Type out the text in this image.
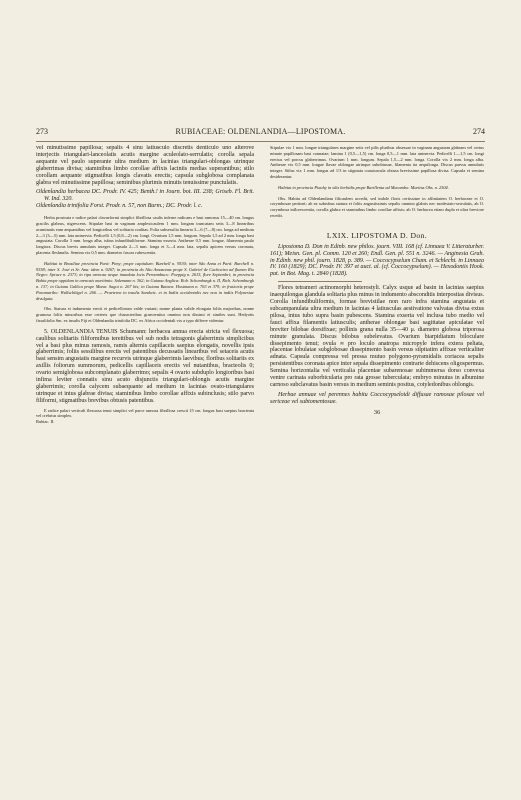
273	RUBIACEAE: OLDENLANDIA—LIPOSTOMA.	274

vel minutissime papillosa; sepalis 4 sinu latiusculo discretis denticulo uno alterove interjectis triangulari-lanceolatis acutis margine aculeolato-serrulatis; corolla sepala aequante vel paulo superante ultra medium in lacinias triangulari-oblongas utrinque glaberrimas divisa; staminibus limbo corollae affixis laciniis medias superantibus; stilo corollam aequante stigmatibus longis clavatis erectis; capsula subglobosa complanata glabra vel minutissime papillosa; seminibus plurimis minutis tenuissime punctulatis.

Oldenlandia herbacea DC. Prodr. IV. 425; Benth.! in Journ. bot. III. 238; Griseb. Fl. Brit. W. Ind. 320.

Oldenlandia trinifolia Forst. Prodr. n. 57, non Burm.; DC. Prodr. l. c.

Herba prostrata e radice palari clavaeformi simplici fibrillosa caulis inferne radicans e basi ramosus 15—40 cm. longus gracilis glabrus, nigrescens. Stipulae basi in vaginam amplexicaulem 1 mm. longam truncatam setis 3—8 linearibus acuminatis eam aequantibus vel longioribus vel solitaria coalitas. Folia subsessilia linearia 3—6 (7—8) cm. longa ad medium 2—3 (3—5) mm. lata uninervia. Pedicelli 1,5 (0,8—2) cm. longi. Ovarium 1,5 mm. longum. Sepala 1,5 ad 2 mm. longa basi angustata. Corolla 3 mm. longa alba, tubus infundibuliforme. Stamina exserta. Antherae 0,5 mm. longae, filamenta paulo longiora. Discus brevis annularis integer. Capsula 2—3 mm. longa et 3—4 mm. lata, sepalis apicem versus coronata, placenta fleshnulis. Semina vix 0,5 mm. diametro fuscas rubescentia.

Habitat in Brasiliae provincia Pará: Pimy; prope capitulum: Burchell n. 9530; inter São Anna et Pará: Burchell n. 9358; inter S. José et Sr. Ana: idem n. 9267; in provincia do Alto Amazonas prope S. Gabriel de Cachoeira ad flumen Rio Negro: Spruce n. 2373; in ripa arenosa neque inundata locis Pernambuco: Poeppig n. 2615, flore Septembri; in provincia Bahia prope oppidum in arenosis maritimis: Salzmann n. 362; in Guiana Anglica: Rob. Schomburgk n. II, Rich. Schomburgk n. 137; in Guiana Gallica prope Mana: Sagot n. 267 bis; in Guiana Batava: Hostmann n. 763 et 379; in fruticetis prope Paramaribo: Wullschlägel n. 266. — Praeterea in insulis Sandwic. et in Indiis occidentalis nec non in indiis Polynesiae divulgata.

Obs. Statura et indumento erecti et pedicellorum valde variant; nonne planta valide elongata foliis majoribus, nonne grumosa foliis minoribus esse certeris que characteribus graecernitur omnino non dissimi ei similes sunt. Hedyotis fissulifolia Sm. ex insulis Fiji et Oldenlandia trinifolia DC. ex Africa occidentali vix a typo differre videntur.

5. OLDENLANDIA TENUIS Schumann: herbacea annua erecta stricta vel flexuosa; caulibus solitariis filiformibus tereitibus vel sub nodis tetragonis glaberrimis simplicibus vel a basi plus minus ramosis, ramis alternis capillaceis saepius elongatis, novellis ipsis glaberrimis; foliis sessilibus erectis vel patentibus decussatis linearibus vel setaceis acutis basi sensim angustatis margine recurvis utrinque glaberrimis laevibus; floribus solitariis ex axillis foliorum summorum, pedicellis capillaceis erectis vel nutantibus, bracteolis 0; ovario semiglobosa subcomplanato glaberrimo; sepalis 4 ovario subduplo longioribus basi infima leviter connatis sinu acuto disjunctis triangulari-oblongis acutis margine glaberrimis; corolla calycem subaequante ad medium in lacinias ovato-triangulares utrinque et intus glabrae divisa; staminibus limbo corollae affixis subinclusis; stilo parvo filiformi, stigmatibus brevibus obtusis patentibus.

E radice palari verticali flexuosa tenui simplici vel parce ramosa fibrillosa crescit 15 cm. longus basi saepius bracteata vel crebrius simplex.

Rubiac. II.

Stipulae vix 1 mm. longae triangulares margine setis vel pilis pluribus obsessae in vaginam angustam glabram vel certus minute papillosam basi connatae; lamina 1 (0,5—1,5) cm. longa 0,5—1 mm. lata uninervia. Pedicelli 1—1,5 cm. longi erectus vel porcus glaberrimus. Ovarium 1 mm. longum. Sepala 1,5—2 mm. longa. Corolla vix 2 mm. longa alba. Antherae vix 0,5 mm. longae flavae oblongae utrinque subobtusae, filamenta ita aequilonga. Discus parvus annularis integer. Stilus vix 1 mm. longus ad 1/3 in stigmata crassiuscula obtusa brevissime papillosa divisa. Capsula et semina desiderantur.

Habitat in provincia Piauhy in silis herbidis prope Barillenta ad Macambo: Martius Obs. n. 2504.

Obs. Habitu ad Oldenlandiam filicaulem accedit, sed indole floris certissime in affinitatem O. herbaceae et O. corymbosae pertinet; ab ea subrubus statura et foliis angustissimis sepalis omnino glabris nec modestato-serrulatis, ab O. corymbosa inflorescentia, corolla glabra et staminibus limbo corollae affixis; ab O. herbacea etiam dupla et ultra breviore recedit.

LXIX. LIPOSTOMA D. Don.

Lipostoma D. Don in Edinb. new philos. journ. VIII. 168 (cf. Linnaea V. Litteraturber. 161); Meisn. Gen. pl. Comm. 120 et 260; Endl. Gen. pl. 551 n. 3246. — Anginesia Grah. in Edinb. new phil. journ. 1828, p. 389. — Coccocypselum Cham. et Schlecht. in Linnaea IV. 160 (1829); DC. Prodr. IV. 397 et auct. al. (cf. Coccocypselum). — Hexodontis Hook. pat. in Bot. Mag. t. 2840 (1828).

Flores tetrameri actinomorphi heterostyli. Calyx usque ad basin in lacinias saepius inaequilongas glandula solitaria plus minus in indumento absconditis interpositas divisus. Corolla infundibuliformis, formae brevistilae non raro infra stamina angustata et subcampanulata ultra medium in lacinias 4 latiusculas aestivatione valvatas divisa extus pilosa, intus tubo supra basin pubescens. Stamina exserta vel inclusa tubo medio vel fauci affixa filamentis latiusculis; antherae oblongae basi sagittatae apiculatae vel breviter bilobae dorsifixae; pollinis grana nulla 35—40 μ. diametro globosa triporosa minute granulata. Discus bilobus subelevatus. Ovarium biarpidiatum biloculare dissepimento tenui; ovula ∞ pro loculo anatropa micropyle infera extera peltata, placentae lobulatae subglobosae dissepimento basin versus stipitatim affixae verticaliter adnata. Capsula compressa vel pressa mutuo polygono-pyramidalis coriacea sepalis persistentibus coronata apice inter sepala dissepimento contrarie dehiscens oligospermus. Semina horizontalia vel verticalia placentae subarenosae subimmersa dorso convexa ventre carinata suborbicularia pro rata grosse tuberculata; embryo minutus in albumine carnoso subclavatus basin versus in medium seminis positus, cotyledonibus oblongis.

Herbae annuae vel perennes habitu Coccocypseloidi diffusae ramosae pilosae vel sericeae vel subtomentosae.

36
